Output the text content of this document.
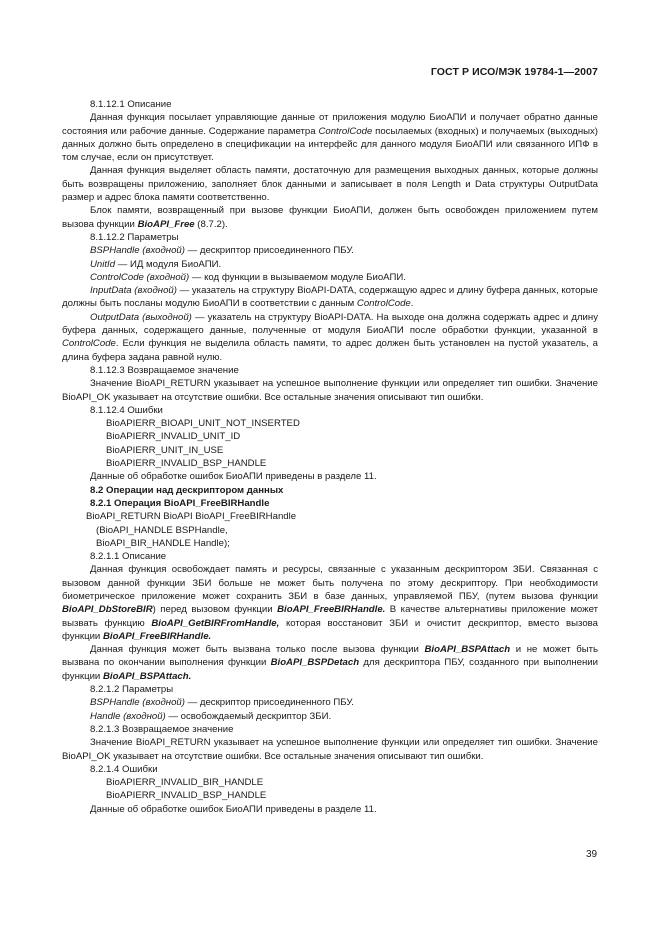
ГОСТ Р ИСО/МЭК 19784-1—2007

8.1.12.1 Описание

Данная функция посылает управляющие данные от приложения модулю БиоАПИ и получает обратно данные состояния или рабочие данные. Содержание параметра ControlCode посылаемых (входных) и получаемых (выходных) данных должно быть определено в спецификации на интерфейс для данного модуля БиоАПИ или связанного ИПФ в том случае, если он присутствует.

Данная функция выделяет область памяти, достаточную для размещения выходных данных, которые должны быть возвращены приложению, заполняет блок данными и записывает в поля Length и Data структуры OutputData размер и адрес блока памяти соответственно.

Блок памяти, возвращенный при вызове функции БиоАПИ, должен быть освобожден приложением путем вызова функции BioAPI_Free (8.7.2).

8.1.12.2 Параметры

BSPHandle (входной) — дескриптор присоединенного ПБУ.

UnitId — ИД модуля БиоАПИ.

ControlCode (входной) — код функции в вызываемом модуле БиоАПИ.

InputData (входной) — указатель на структуру BioAPI-DATA, содержащую адрес и длину буфера данных, которые должны быть посланы модулю БиоАПИ в соответствии с данным ControlCode.

OutputData (выходной) — указатель на структуру BioAPI-DATA. На выходе она должна содержать адрес и длину буфера данных, содержащего данные, полученные от модуля БиоАПИ после обработки функции, указанной в ControlCode. Если функция не выделила область памяти, то адрес должен быть установлен на пустой указатель, а длина буфера задана равной нулю.

8.1.12.3 Возвращаемое значение

Значение BioAPI_RETURN указывает на успешное выполнение функции или определяет тип ошибки. Значение BioAPI_OK указывает на отсутствие ошибки. Все остальные значения описывают тип ошибки.

8.1.12.4 Ошибки

BioAPIERR_BIOAPI_UNIT_NOT_INSERTED

BioAPIERR_INVALID_UNIT_ID

BioAPIERR_UNIT_IN_USE

BioAPIERR_INVALID_BSP_HANDLE

Данные об обработке ошибок БиоАПИ приведены в разделе 11.

8.2 Операции над дескриптором данных

8.2.1 Операция BioAPI_FreeBIRHandle

BioAPI_RETURN BioAPI BioAPI_FreeBIRHandle

(BioAPI_HANDLE BSPHandle,

BioAPI_BIR_HANDLE Handle);

8.2.1.1 Описание

Данная функция освобождает память и ресурсы, связанные с указанным дескриптором ЗБИ. Связанная с вызовом данной функции ЗБИ больше не может быть получена по этому дескриптору. При необходимости биометрическое приложение может сохранить ЗБИ в базе данных, управляемой ПБУ, (путем вызова функции BioAPI_DbStoreBIR) перед вызовом функции BioAPI_FreeBIRHandle. В качестве альтернативы приложение может вызвать функцию BioAPI_GetBIRFromHandle, которая восстановит ЗБИ и очистит дескриптор, вместо вызова функции BioAPI_FreeBIRHandle.

Данная функция может быть вызвана только после вызова функции BioAPI_BSPAttach и не может быть вызвана по окончании выполнения функции BioAPI_BSPDetach для дескриптора ПБУ, созданного при выполнении функции BioAPI_BSPAttach.

8.2.1.2 Параметры

BSPHandle (входной) — дескриптор присоединенного ПБУ.

Handle (входной) — освобождаемый дескриптор ЗБИ.

8.2.1.3 Возвращаемое значение

Значение BioAPI_RETURN указывает на успешное выполнение функции или определяет тип ошибки. Значение BioAPI_OK указывает на отсутствие ошибки. Все остальные значения описывают тип ошибки.

8.2.1.4 Ошибки

BioAPIERR_INVALID_BIR_HANDLE

BioAPIERR_INVALID_BSP_HANDLE

Данные об обработке ошибок БиоАПИ приведены в разделе 11.

39
